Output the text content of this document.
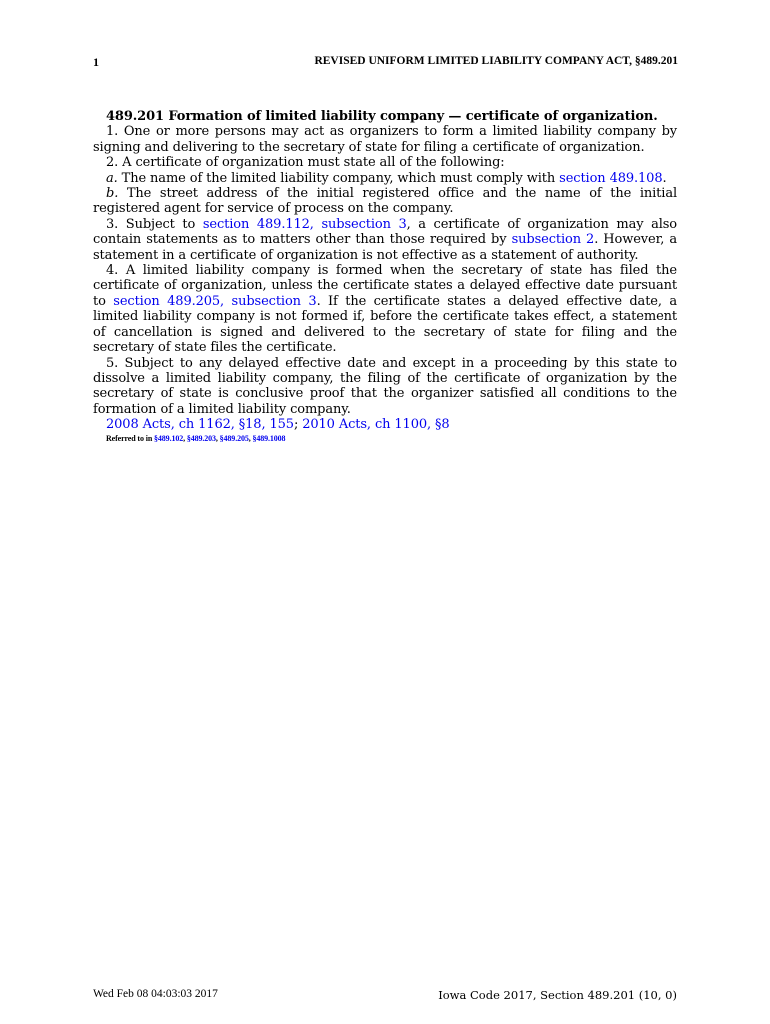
1	REVISED UNIFORM LIMITED LIABILITY COMPANY ACT, §489.201

489.201 Formation of limited liability company — certificate of organization.

1. One or more persons may act as organizers to form a limited liability company by signing and delivering to the secretary of state for filing a certificate of organization.

2. A certificate of organization must state all of the following:

a. The name of the limited liability company, which must comply with section 489.108.

b. The street address of the initial registered office and the name of the initial registered agent for service of process on the company.

3. Subject to section 489.112, subsection 3, a certificate of organization may also contain statements as to matters other than those required by subsection 2. However, a statement in a certificate of organization is not effective as a statement of authority.

4. A limited liability company is formed when the secretary of state has filed the certificate of organization, unless the certificate states a delayed effective date pursuant to section 489.205, subsection 3. If the certificate states a delayed effective date, a limited liability company is not formed if, before the certificate takes effect, a statement of cancellation is signed and delivered to the secretary of state for filing and the secretary of state files the certificate.

5. Subject to any delayed effective date and except in a proceeding by this state to dissolve a limited liability company, the filing of the certificate of organization by the secretary of state is conclusive proof that the organizer satisfied all conditions to the formation of a limited liability company.

2008 Acts, ch 1162, §18, 155; 2010 Acts, ch 1100, §8

Referred to in §489.102, §489.203, §489.205, §489.1008
Wed Feb 08 04:03:03 2017	Iowa Code 2017, Section 489.201 (10, 0)
